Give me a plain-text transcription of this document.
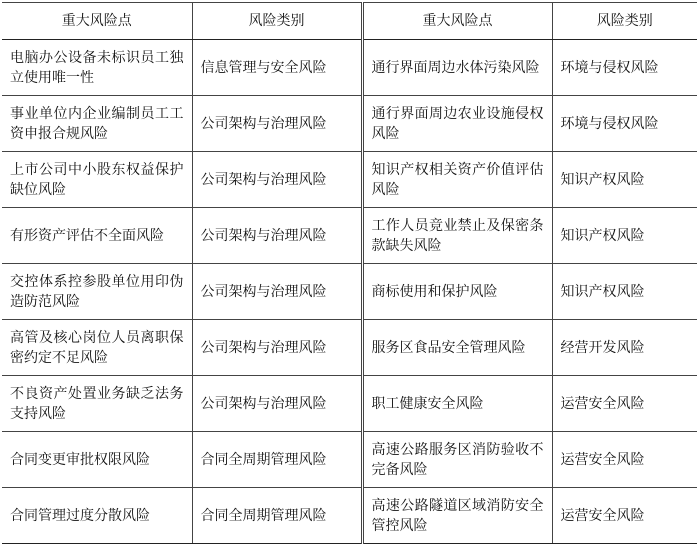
重大风险点	风险类别	重大风险点	风险类别
电脑办公设备未标识员工独立使用唯一性	信息管理与安全风险	通行界面周边水体污染风险	环境与侵权风险
事业单位内企业编制员工工资申报合规风险	公司架构与治理风险	通行界面周边农业设施侵权风险	环境与侵权风险
上市公司中小股东权益保护缺位风险	公司架构与治理风险	知识产权相关资产价值评估风险	知识产权风险
有形资产评估不全面风险	公司架构与治理风险	工作人员竞业禁止及保密条款缺失风险	知识产权风险
交控体系控参股单位用印伪造防范风险	公司架构与治理风险	商标使用和保护风险	知识产权风险
高管及核心岗位人员离职保密约定不足风险	公司架构与治理风险	服务区食品安全管理风险	经营开发风险
不良资产处置业务缺乏法务支持风险	公司架构与治理风险	职工健康安全风险	运营安全风险
合同变更审批权限风险	合同全周期管理风险	高速公路服务区消防验收不完备风险	运营安全风险
合同管理过度分散风险	合同全周期管理风险	高速公路隧道区域消防安全管控风险	运营安全风险
